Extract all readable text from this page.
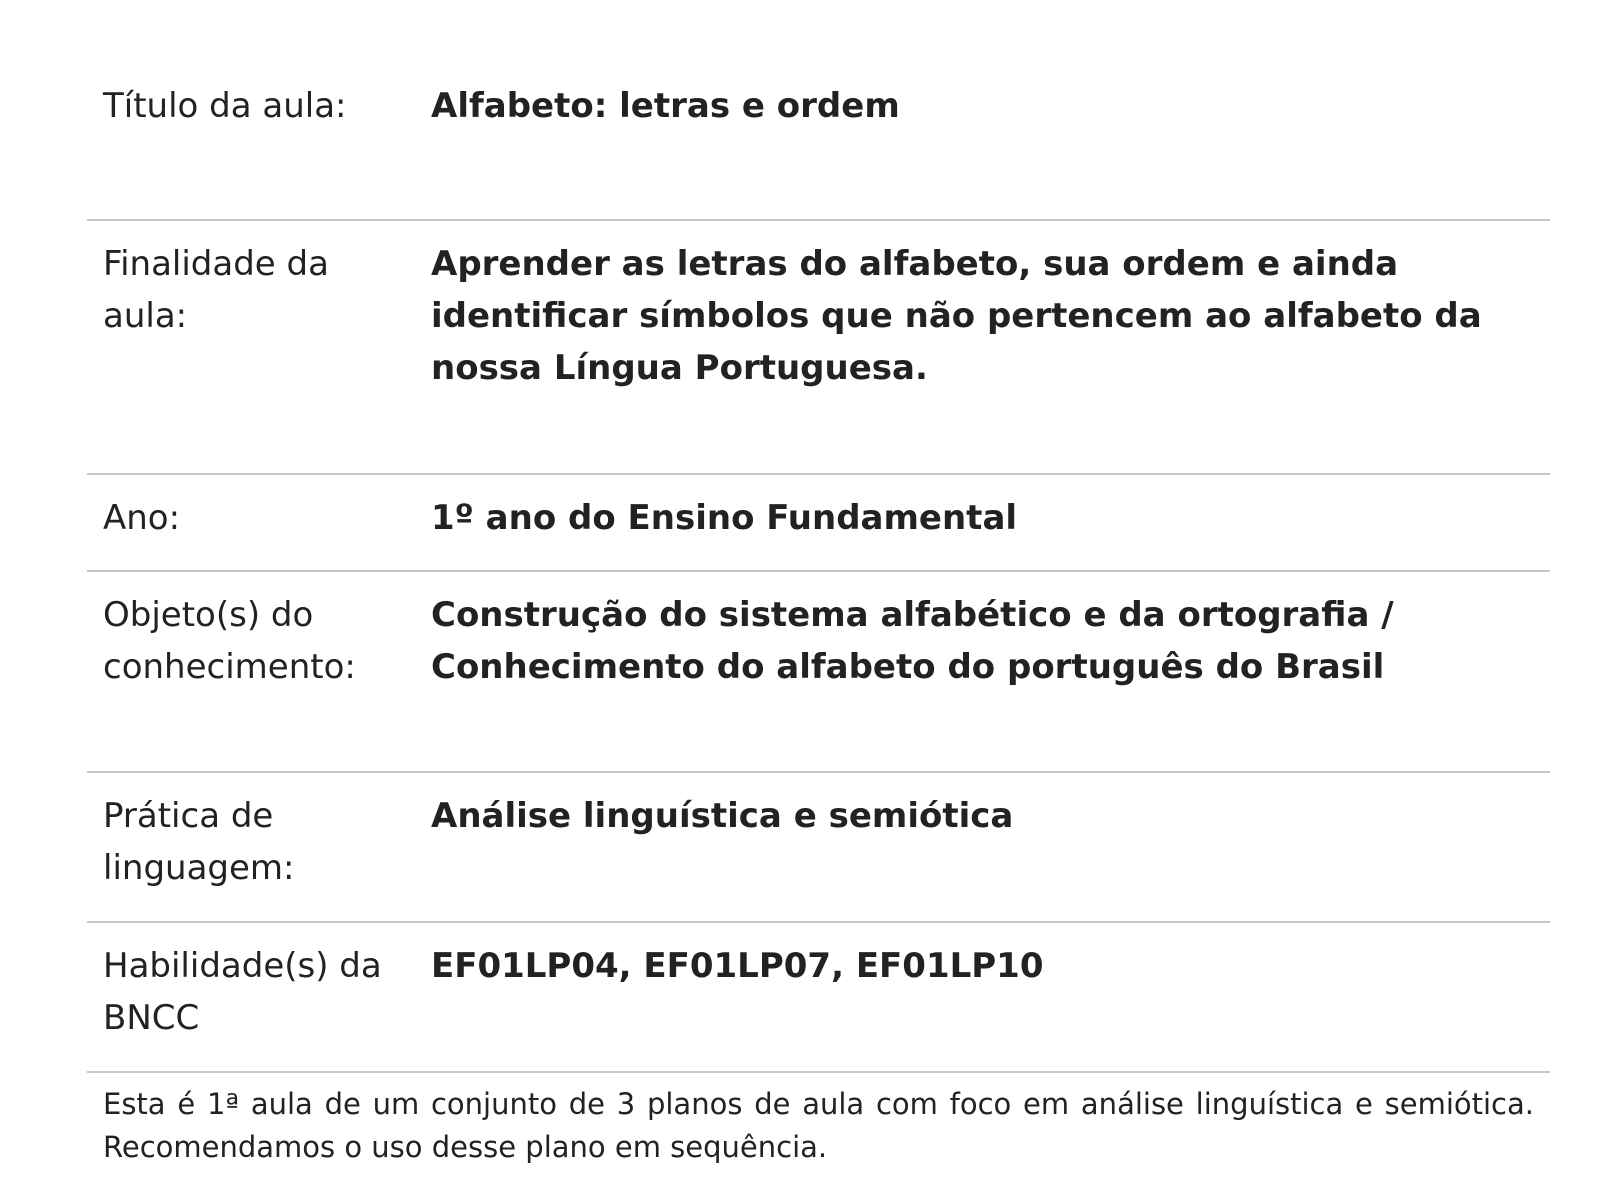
Título da aula:	Alfabeto: letras e ordem
Finalidade da aula:
Aprender as letras do alfabeto, sua ordem e ainda identificar símbolos que não pertencem ao alfabeto da nossa Língua Portuguesa.
Ano:	1º ano do Ensino Fundamental
Objeto(s) do conhecimento:
Construção do sistema alfabético e da ortografia / Conhecimento do alfabeto do português do Brasil
Prática de linguagem:
Análise linguística e semiótica
Habilidade(s) da BNCC
EF01LP04, EF01LP07, EF01LP10
Esta é 1ª aula de um conjunto de 3 planos de aula com foco em análise linguística e semiótica. Recomendamos o uso desse plano em sequência.
